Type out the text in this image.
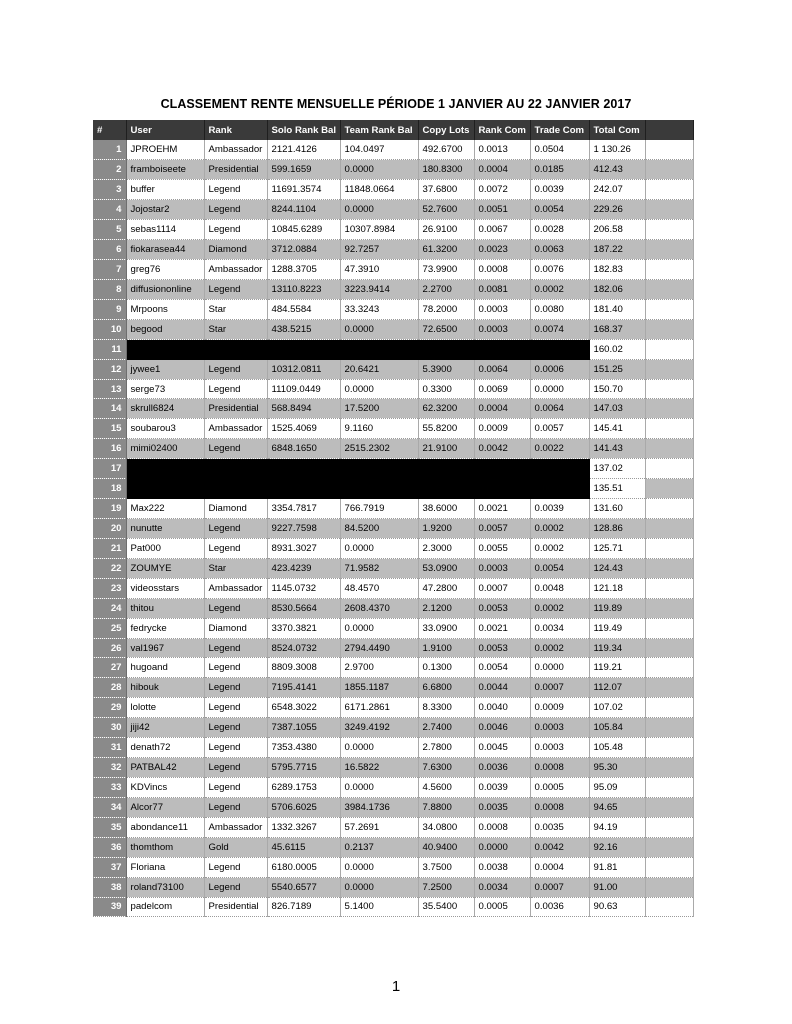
CLASSEMENT RENTE MENSUELLE PÉRIODE 1 JANVIER AU 22 JANVIER 2017
#	User	Rank	Solo Rank Bal	Team Rank Bal	Copy Lots	Rank Com	Trade Com	Total Com	
1	JPROEHM	Ambassador	2121.4126	104.0497	492.6700	0.0013	0.0504	1 130.26	
2	framboiseete	Presidential	599.1659	0.0000	180.8300	0.0004	0.0185	412.43	
3	buffer	Legend	11691.3574	11848.0664	37.6800	0.0072	0.0039	242.07	
4	Jojostar2	Legend	8244.1104	0.0000	52.7600	0.0051	0.0054	229.26	
5	sebas1114	Legend	10845.6289	10307.8984	26.9100	0.0067	0.0028	206.58	
6	fiokarasea44	Diamond	3712.0884	92.7257	61.3200	0.0023	0.0063	187.22	
7	greg76	Ambassador	1288.3705	47.3910	73.9900	0.0008	0.0076	182.83	
8	diffusiononline	Legend	13110.8223	3223.9414	2.2700	0.0081	0.0002	182.06	
9	Mrpoons	Star	484.5584	33.3243	78.2000	0.0003	0.0080	181.40	
10	begood	Star	438.5215	0.0000	72.6500	0.0003	0.0074	168.37	
11								160.02	
12	jywee1	Legend	10312.0811	20.6421	5.3900	0.0064	0.0006	151.25	
13	serge73	Legend	11109.0449	0.0000	0.3300	0.0069	0.0000	150.70	
14	skrull6824	Presidential	568.8494	17.5200	62.3200	0.0004	0.0064	147.03	
15	soubarou3	Ambassador	1525.4069	9.1160	55.8200	0.0009	0.0057	145.41	
16	mimi02400	Legend	6848.1650	2515.2302	21.9100	0.0042	0.0022	141.43	
17								137.02	
18								135.51	
19	Max222	Diamond	3354.7817	766.7919	38.6000	0.0021	0.0039	131.60	
20	nunutte	Legend	9227.7598	84.5200	1.9200	0.0057	0.0002	128.86	
21	Pat000	Legend	8931.3027	0.0000	2.3000	0.0055	0.0002	125.71	
22	ZOUMYE	Star	423.4239	71.9582	53.0900	0.0003	0.0054	124.43	
23	videosstars	Ambassador	1145.0732	48.4570	47.2800	0.0007	0.0048	121.18	
24	thitou	Legend	8530.5664	2608.4370	2.1200	0.0053	0.0002	119.89	
25	fedrycke	Diamond	3370.3821	0.0000	33.0900	0.0021	0.0034	119.49	
26	val1967	Legend	8524.0732	2794.4490	1.9100	0.0053	0.0002	119.34	
27	hugoand	Legend	8809.3008	2.9700	0.1300	0.0054	0.0000	119.21	
28	hibouk	Legend	7195.4141	1855.1187	6.6800	0.0044	0.0007	112.07	
29	lolotte	Legend	6548.3022	6171.2861	8.3300	0.0040	0.0009	107.02	
30	jiji42	Legend	7387.1055	3249.4192	2.7400	0.0046	0.0003	105.84	
31	denath72	Legend	7353.4380	0.0000	2.7800	0.0045	0.0003	105.48	
32	PATBAL42	Legend	5795.7715	16.5822	7.6300	0.0036	0.0008	95.30	
33	KDVincs	Legend	6289.1753	0.0000	4.5600	0.0039	0.0005	95.09	
34	Alcor77	Legend	5706.6025	3984.1736	7.8800	0.0035	0.0008	94.65	
35	abondance11	Ambassador	1332.3267	57.2691	34.0800	0.0008	0.0035	94.19	
36	thomthom	Gold	45.6115	0.2137	40.9400	0.0000	0.0042	92.16	
37	Floriana	Legend	6180.0005	0.0000	3.7500	0.0038	0.0004	91.81	
38	roland73100	Legend	5540.6577	0.0000	7.2500	0.0034	0.0007	91.00	
39	padelcom	Presidential	826.7189	5.1400	35.5400	0.0005	0.0036	90.63	
1
